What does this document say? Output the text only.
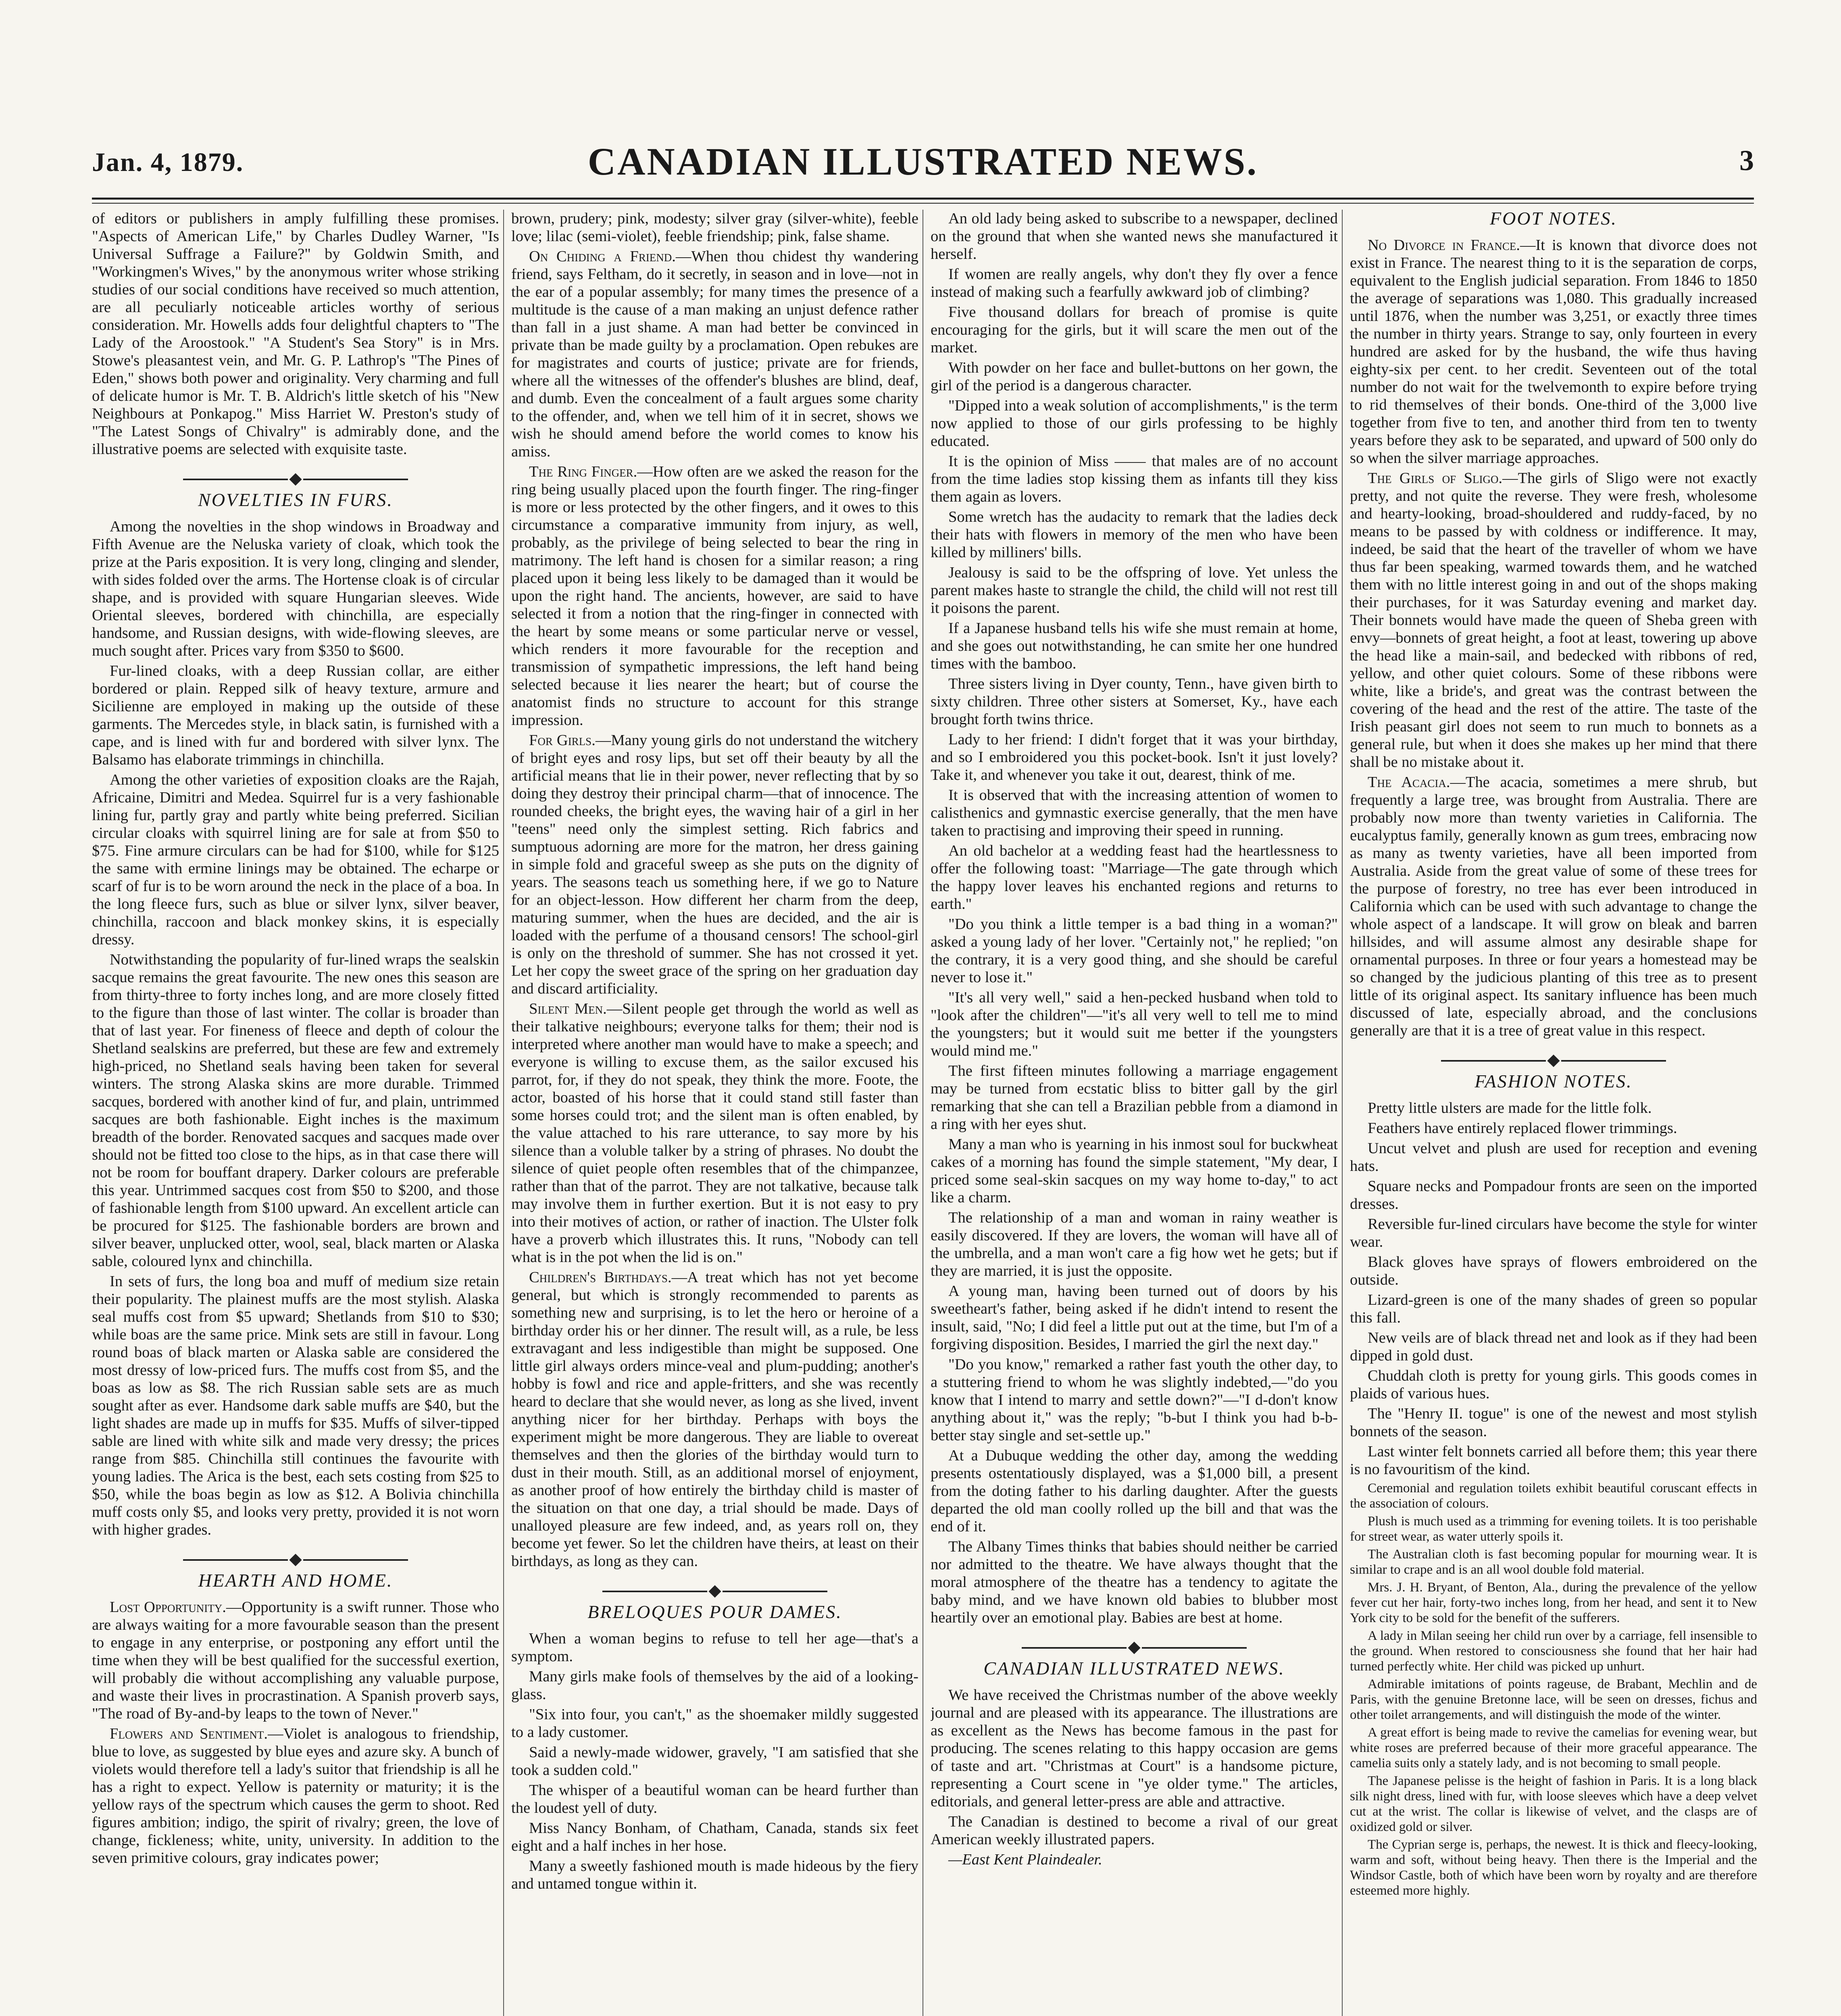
Jan. 4, 1879.	CANADIAN ILLUSTRATED NEWS.	3

of editors or publishers in amply fulfilling these promises. "Aspects of American Life," by Charles Dudley Warner, "Is Universal Suffrage a Failure?" by Goldwin Smith, and "Workingmen's Wives," by the anonymous writer whose striking studies of our social conditions have received so much attention, are all peculiarly noticeable articles worthy of serious consideration. Mr. Howells adds four delightful chapters to "The Lady of the Aroostook." "A Student's Sea Story" is in Mrs. Stowe's pleasantest vein, and Mr. G. P. Lathrop's "The Pines of Eden," shows both power and originality. Very charming and full of delicate humor is Mr. T. B. Aldrich's little sketch of his "New Neighbours at Ponkapog." Miss Harriet W. Preston's study of "The Latest Songs of Chivalry" is admirably done, and the illustrative poems are selected with exquisite taste.

NOVELTIES IN FURS.

Among the novelties in the shop windows in Broadway and Fifth Avenue are the Neluska variety of cloak, which took the prize at the Paris exposition. It is very long, clinging and slender, with sides folded over the arms. The Hortense cloak is of circular shape, and is provided with square Hungarian sleeves. Wide Oriental sleeves, bordered with chinchilla, are especially handsome, and Russian designs, with wide-flowing sleeves, are much sought after. Prices vary from $350 to $600.

Fur-lined cloaks, with a deep Russian collar, are either bordered or plain. Repped silk of heavy texture, armure and Sicilienne are employed in making up the outside of these garments. The Mercedes style, in black satin, is furnished with a cape, and is lined with fur and bordered with silver lynx. The Balsamo has elaborate trimmings in chinchilla.

Among the other varieties of exposition cloaks are the Rajah, Africaine, Dimitri and Medea. Squirrel fur is a very fashionable lining fur, partly gray and partly white being preferred. Sicilian circular cloaks with squirrel lining are for sale at from $50 to $75. Fine armure circulars can be had for $100, while for $125 the same with ermine linings may be obtained. The echarpe or scarf of fur is to be worn around the neck in the place of a boa. In the long fleece furs, such as blue or silver lynx, silver beaver, chinchilla, raccoon and black monkey skins, it is especially dressy.

Notwithstanding the popularity of fur-lined wraps the sealskin sacque remains the great favourite. The new ones this season are from thirty-three to forty inches long, and are more closely fitted to the figure than those of last winter. The collar is broader than that of last year. For fineness of fleece and depth of colour the Shetland sealskins are preferred, but these are few and extremely high-priced, no Shetland seals having been taken for several winters. The strong Alaska skins are more durable. Trimmed sacques, bordered with another kind of fur, and plain, untrimmed sacques are both fashionable. Eight inches is the maximum breadth of the border. Renovated sacques and sacques made over should not be fitted too close to the hips, as in that case there will not be room for bouffant drapery. Darker colours are preferable this year. Untrimmed sacques cost from $50 to $200, and those of fashionable length from $100 upward. An excellent article can be procured for $125. The fashionable borders are brown and silver beaver, unplucked otter, wool, seal, black marten or Alaska sable, coloured lynx and chinchilla.

In sets of furs, the long boa and muff of medium size retain their popularity. The plainest muffs are the most stylish. Alaska seal muffs cost from $5 upward; Shetlands from $10 to $30; while boas are the same price. Mink sets are still in favour. Long round boas of black marten or Alaska sable are considered the most dressy of low-priced furs. The muffs cost from $5, and the boas as low as $8. The rich Russian sable sets are as much sought after as ever. Handsome dark sable muffs are $40, but the light shades are made up in muffs for $35. Muffs of silver-tipped sable are lined with white silk and made very dressy; the prices range from $85. Chinchilla still continues the favourite with young ladies. The Arica is the best, each sets costing from $25 to $50, while the boas begin as low as $12. A Bolivia chinchilla muff costs only $5, and looks very pretty, provided it is not worn with higher grades.

HEARTH AND HOME.

Lost Opportunity.—Opportunity is a swift runner. Those who are always waiting for a more favourable season than the present to engage in any enterprise, or postponing any effort until the time when they will be best qualified for the successful exertion, will probably die without accomplishing any valuable purpose, and waste their lives in procrastination. A Spanish proverb says, "The road of By-and-by leaps to the town of Never."

Flowers and Sentiment.—Violet is analogous to friendship, blue to love, as suggested by blue eyes and azure sky. A bunch of violets would therefore tell a lady's suitor that friendship is all he has a right to expect. Yellow is paternity or maturity; it is the yellow rays of the spectrum which causes the germ to shoot. Red figures ambition; indigo, the spirit of rivalry; green, the love of change, fickleness; white, unity, university. In addition to the seven primitive colours, gray indicates power;

brown, prudery; pink, modesty; silver gray (silver-white), feeble love; lilac (semi-violet), feeble friendship; pink, false shame.

On Chiding a Friend.—When thou chidest thy wandering friend, says Feltham, do it secretly, in season and in love—not in the ear of a popular assembly; for many times the presence of a multitude is the cause of a man making an unjust defence rather than fall in a just shame. A man had better be convinced in private than be made guilty by a proclamation. Open rebukes are for magistrates and courts of justice; private are for friends, where all the witnesses of the offender's blushes are blind, deaf, and dumb. Even the concealment of a fault argues some charity to the offender, and, when we tell him of it in secret, shows we wish he should amend before the world comes to know his amiss.

The Ring Finger.—How often are we asked the reason for the ring being usually placed upon the fourth finger. The ring-finger is more or less protected by the other fingers, and it owes to this circumstance a comparative immunity from injury, as well, probably, as the privilege of being selected to bear the ring in matrimony. The left hand is chosen for a similar reason; a ring placed upon it being less likely to be damaged than it would be upon the right hand. The ancients, however, are said to have selected it from a notion that the ring-finger in connected with the heart by some means or some particular nerve or vessel, which renders it more favourable for the reception and transmission of sympathetic impressions, the left hand being selected because it lies nearer the heart; but of course the anatomist finds no structure to account for this strange impression.

For Girls.—Many young girls do not understand the witchery of bright eyes and rosy lips, but set off their beauty by all the artificial means that lie in their power, never reflecting that by so doing they destroy their principal charm—that of innocence. The rounded cheeks, the bright eyes, the waving hair of a girl in her "teens" need only the simplest setting. Rich fabrics and sumptuous adorning are more for the matron, her dress gaining in simple fold and graceful sweep as she puts on the dignity of years. The seasons teach us something here, if we go to Nature for an object-lesson. How different her charm from the deep, maturing summer, when the hues are decided, and the air is loaded with the perfume of a thousand censors! The school-girl is only on the threshold of summer. She has not crossed it yet. Let her copy the sweet grace of the spring on her graduation day and discard artificiality.

Silent Men.—Silent people get through the world as well as their talkative neighbours; everyone talks for them; their nod is interpreted where another man would have to make a speech; and everyone is willing to excuse them, as the sailor excused his parrot, for, if they do not speak, they think the more. Foote, the actor, boasted of his horse that it could stand still faster than some horses could trot; and the silent man is often enabled, by the value attached to his rare utterance, to say more by his silence than a voluble talker by a string of phrases. No doubt the silence of quiet people often resembles that of the chimpanzee, rather than that of the parrot. They are not talkative, because talk may involve them in further exertion. But it is not easy to pry into their motives of action, or rather of inaction. The Ulster folk have a proverb which illustrates this. It runs, "Nobody can tell what is in the pot when the lid is on."

Children's Birthdays.—A treat which has not yet become general, but which is strongly recommended to parents as something new and surprising, is to let the hero or heroine of a birthday order his or her dinner. The result will, as a rule, be less extravagant and less indigestible than might be supposed. One little girl always orders mince-veal and plum-pudding; another's hobby is fowl and rice and apple-fritters, and she was recently heard to declare that she would never, as long as she lived, invent anything nicer for her birthday. Perhaps with boys the experiment might be more dangerous. They are liable to overeat themselves and then the glories of the birthday would turn to dust in their mouth. Still, as an additional morsel of enjoyment, as another proof of how entirely the birthday child is master of the situation on that one day, a trial should be made. Days of unalloyed pleasure are few indeed, and, as years roll on, they become yet fewer. So let the children have theirs, at least on their birthdays, as long as they can.

BRELOQUES POUR DAMES.

When a woman begins to refuse to tell her age—that's a symptom.

Many girls make fools of themselves by the aid of a looking-glass.

"Six into four, you can't," as the shoemaker mildly suggested to a lady customer.

Said a newly-made widower, gravely, "I am satisfied that she took a sudden cold."

The whisper of a beautiful woman can be heard further than the loudest yell of duty.

Miss Nancy Bonham, of Chatham, Canada, stands six feet eight and a half inches in her hose.

Many a sweetly fashioned mouth is made hideous by the fiery and untamed tongue within it.

An old lady being asked to subscribe to a newspaper, declined on the ground that when she wanted news she manufactured it herself.

If women are really angels, why don't they fly over a fence instead of making such a fearfully awkward job of climbing?

Five thousand dollars for breach of promise is quite encouraging for the girls, but it will scare the men out of the market.

With powder on her face and bullet-buttons on her gown, the girl of the period is a dangerous character.

"Dipped into a weak solution of accomplishments," is the term now applied to those of our girls professing to be highly educated.

It is the opinion of Miss —— that males are of no account from the time ladies stop kissing them as infants till they kiss them again as lovers.

Some wretch has the audacity to remark that the ladies deck their hats with flowers in memory of the men who have been killed by milliners' bills.

Jealousy is said to be the offspring of love. Yet unless the parent makes haste to strangle the child, the child will not rest till it poisons the parent.

If a Japanese husband tells his wife she must remain at home, and she goes out notwithstanding, he can smite her one hundred times with the bamboo.

Three sisters living in Dyer county, Tenn., have given birth to sixty children. Three other sisters at Somerset, Ky., have each brought forth twins thrice.

Lady to her friend: I didn't forget that it was your birthday, and so I embroidered you this pocket-book. Isn't it just lovely? Take it, and whenever you take it out, dearest, think of me.

It is observed that with the increasing attention of women to calisthenics and gymnastic exercise generally, that the men have taken to practising and improving their speed in running.

An old bachelor at a wedding feast had the heartlessness to offer the following toast: "Marriage—The gate through which the happy lover leaves his enchanted regions and returns to earth."

"Do you think a little temper is a bad thing in a woman?" asked a young lady of her lover. "Certainly not," he replied; "on the contrary, it is a very good thing, and she should be careful never to lose it."

"It's all very well," said a hen-pecked husband when told to "look after the children"—"it's all very well to tell me to mind the youngsters; but it would suit me better if the youngsters would mind me."

The first fifteen minutes following a marriage engagement may be turned from ecstatic bliss to bitter gall by the girl remarking that she can tell a Brazilian pebble from a diamond in a ring with her eyes shut.

Many a man who is yearning in his inmost soul for buckwheat cakes of a morning has found the simple statement, "My dear, I priced some seal-skin sacques on my way home to-day," to act like a charm.

The relationship of a man and woman in rainy weather is easily discovered. If they are lovers, the woman will have all of the umbrella, and a man won't care a fig how wet he gets; but if they are married, it is just the opposite.

A young man, having been turned out of doors by his sweetheart's father, being asked if he didn't intend to resent the insult, said, "No; I did feel a little put out at the time, but I'm of a forgiving disposition. Besides, I married the girl the next day."

"Do you know," remarked a rather fast youth the other day, to a stuttering friend to whom he was slightly indebted,—"do you know that I intend to marry and settle down?"—"I d-don't know anything about it," was the reply; "b-but I think you had b-b-better stay single and set-settle up."

At a Dubuque wedding the other day, among the wedding presents ostentatiously displayed, was a $1,000 bill, a present from the doting father to his darling daughter. After the guests departed the old man coolly rolled up the bill and that was the end of it.

The Albany Times thinks that babies should neither be carried nor admitted to the theatre. We have always thought that the moral atmosphere of the theatre has a tendency to agitate the baby mind, and we have known old babies to blubber most heartily over an emotional play. Babies are best at home.

CANADIAN ILLUSTRATED NEWS.

We have received the Christmas number of the above weekly journal and are pleased with its appearance. The illustrations are as excellent as the News has become famous in the past for producing. The scenes relating to this happy occasion are gems of taste and art. "Christmas at Court" is a handsome picture, representing a Court scene in "ye older tyme." The articles, editorials, and general letter-press are able and attractive.

The Canadian is destined to become a rival of our great American weekly illustrated papers.

—East Kent Plaindealer.

FOOT NOTES.

No Divorce in France.—It is known that divorce does not exist in France. The nearest thing to it is the separation de corps, equivalent to the English judicial separation. From 1846 to 1850 the average of separations was 1,080. This gradually increased until 1876, when the number was 3,251, or exactly three times the number in thirty years. Strange to say, only fourteen in every hundred are asked for by the husband, the wife thus having eighty-six per cent. to her credit. Seventeen out of the total number do not wait for the twelvemonth to expire before trying to rid themselves of their bonds. One-third of the 3,000 live together from five to ten, and another third from ten to twenty years before they ask to be separated, and upward of 500 only do so when the silver marriage approaches.

The Girls of Sligo.—The girls of Sligo were not exactly pretty, and not quite the reverse. They were fresh, wholesome and hearty-looking, broad-shouldered and ruddy-faced, by no means to be passed by with coldness or indifference. It may, indeed, be said that the heart of the traveller of whom we have thus far been speaking, warmed towards them, and he watched them with no little interest going in and out of the shops making their purchases, for it was Saturday evening and market day. Their bonnets would have made the queen of Sheba green with envy—bonnets of great height, a foot at least, towering up above the head like a main-sail, and bedecked with ribbons of red, yellow, and other quiet colours. Some of these ribbons were white, like a bride's, and great was the contrast between the covering of the head and the rest of the attire. The taste of the Irish peasant girl does not seem to run much to bonnets as a general rule, but when it does she makes up her mind that there shall be no mistake about it.

The Acacia.—The acacia, sometimes a mere shrub, but frequently a large tree, was brought from Australia. There are probably now more than twenty varieties in California. The eucalyptus family, generally known as gum trees, embracing now as many as twenty varieties, have all been imported from Australia. Aside from the great value of some of these trees for the purpose of forestry, no tree has ever been introduced in California which can be used with such advantage to change the whole aspect of a landscape. It will grow on bleak and barren hillsides, and will assume almost any desirable shape for ornamental purposes. In three or four years a homestead may be so changed by the judicious planting of this tree as to present little of its original aspect. Its sanitary influence has been much discussed of late, especially abroad, and the conclusions generally are that it is a tree of great value in this respect.

FASHION NOTES.

Pretty little ulsters are made for the little folk.

Feathers have entirely replaced flower trimmings.

Uncut velvet and plush are used for reception and evening hats.

Square necks and Pompadour fronts are seen on the imported dresses.

Reversible fur-lined circulars have become the style for winter wear.

Black gloves have sprays of flowers embroidered on the outside.

Lizard-green is one of the many shades of green so popular this fall.

New veils are of black thread net and look as if they had been dipped in gold dust.

Chuddah cloth is pretty for young girls. This goods comes in plaids of various hues.

The "Henry II. togue" is one of the newest and most stylish bonnets of the season.

Last winter felt bonnets carried all before them; this year there is no favouritism of the kind.

Ceremonial and regulation toilets exhibit beautiful coruscant effects in the association of colours.

Plush is much used as a trimming for evening toilets. It is too perishable for street wear, as water utterly spoils it.

The Australian cloth is fast becoming popular for mourning wear. It is similar to crape and is an all wool double fold material.

Mrs. J. H. Bryant, of Benton, Ala., during the prevalence of the yellow fever cut her hair, forty-two inches long, from her head, and sent it to New York city to be sold for the benefit of the sufferers.

A lady in Milan seeing her child run over by a carriage, fell insensible to the ground. When restored to consciousness she found that her hair had turned perfectly white. Her child was picked up unhurt.

Admirable imitations of points rageuse, de Brabant, Mechlin and de Paris, with the genuine Bretonne lace, will be seen on dresses, fichus and other toilet arrangements, and will distinguish the mode of the winter.

A great effort is being made to revive the camelias for evening wear, but white roses are preferred because of their more graceful appearance. The camelia suits only a stately lady, and is not becoming to small people.

The Japanese pelisse is the height of fashion in Paris. It is a long black silk night dress, lined with fur, with loose sleeves which have a deep velvet cut at the wrist. The collar is likewise of velvet, and the clasps are of oxidized gold or silver.

The Cyprian serge is, perhaps, the newest. It is thick and fleecy-looking, warm and soft, without being heavy. Then there is the Imperial and the Windsor Castle, both of which have been worn by royalty and are therefore esteemed more highly.
